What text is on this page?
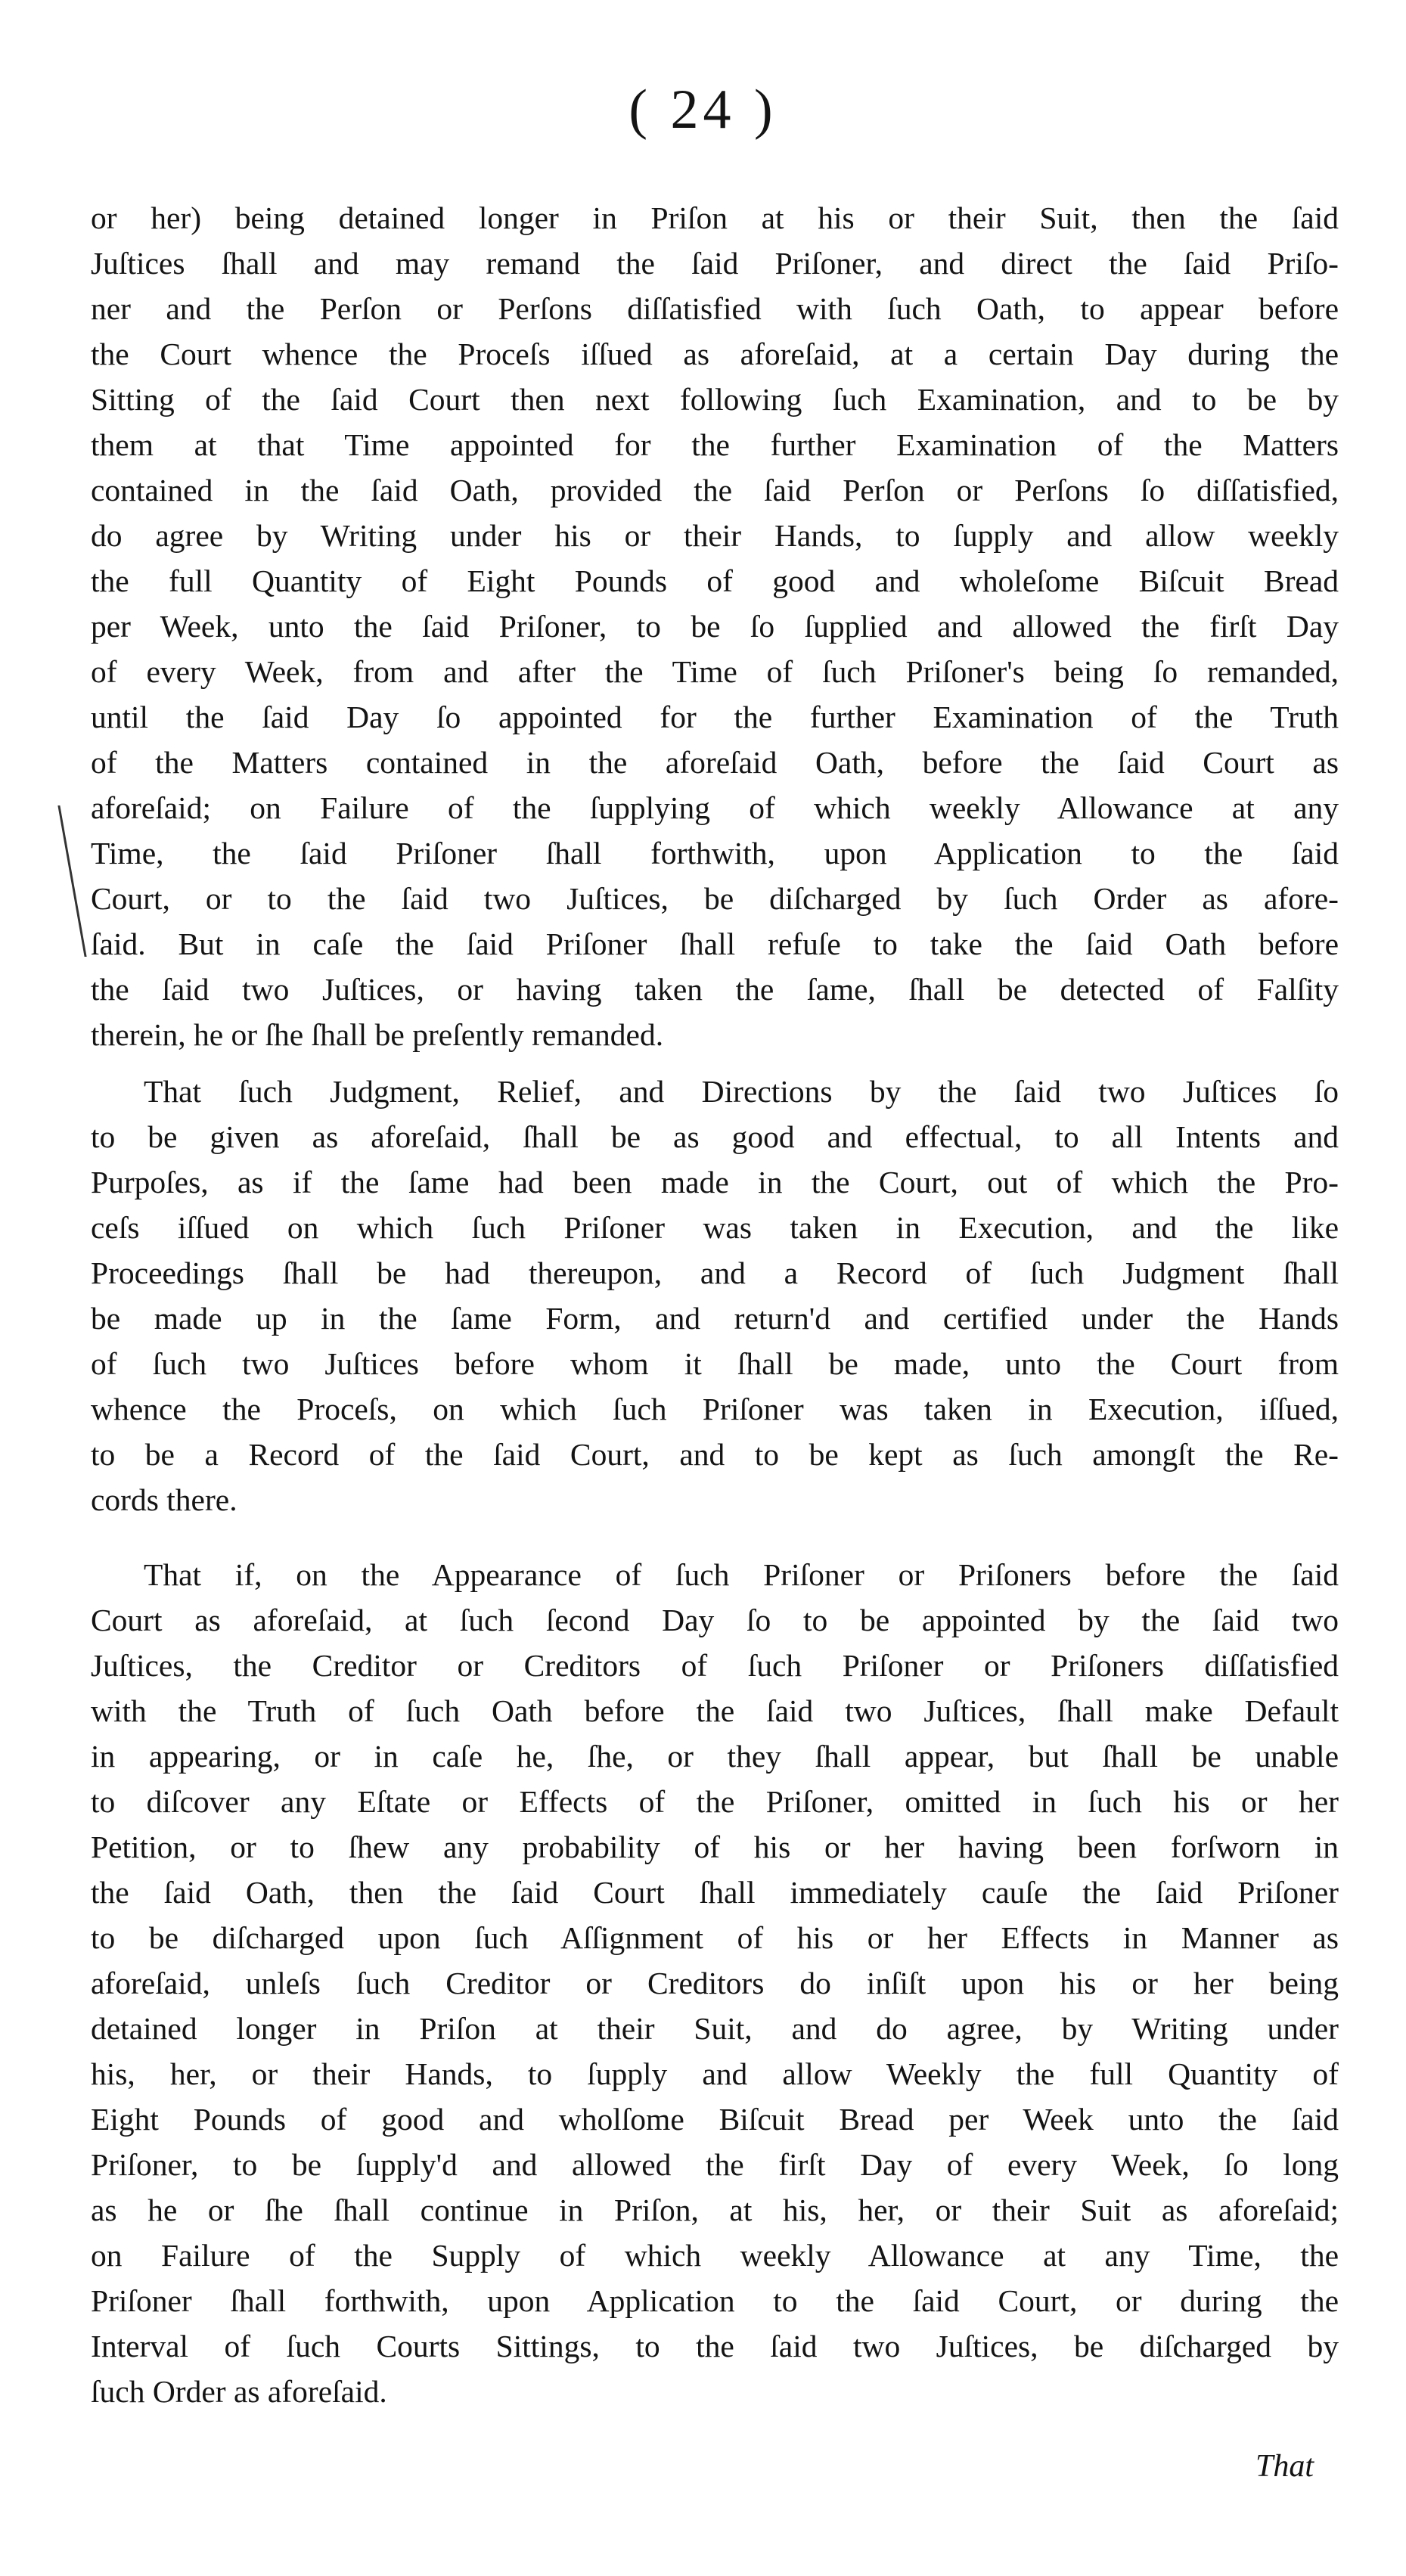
( 24 )
or her) being detained longer in Priſon at his or their Suit, then the ſaid
Juſtices ſhall and may remand the ſaid Priſoner, and direct the ſaid Priſo-
ner and the Perſon or Perſons diſſatisfied with ſuch Oath, to appear before
the Court whence the Proceſs iſſued as aforeſaid, at a certain Day during the
Sitting of the ſaid Court then next following ſuch Examination, and to be by
them at that Time appointed for the further Examination of the Matters
contained in the ſaid Oath, provided the ſaid Perſon or Perſons ſo diſſatisfied,
do agree by Writing under his or their Hands, to ſupply and allow weekly
the full Quantity of Eight Pounds of good and wholeſome Biſcuit Bread
per Week, unto the ſaid Priſoner, to be ſo ſupplied and allowed the firſt Day
of every Week, from and after the Time of ſuch Priſoner's being ſo remanded,
until the ſaid Day ſo appointed for the further Examination of the Truth
of the Matters contained in the aforeſaid Oath, before the ſaid Court as
aforeſaid; on Failure of the ſupplying of which weekly Allowance at any
Time, the ſaid Priſoner ſhall forthwith, upon Application to the ſaid
Court, or to the ſaid two Juſtices, be diſcharged by ſuch Order as afore-
ſaid. But in caſe the ſaid Priſoner ſhall refuſe to take the ſaid Oath before
the ſaid two Juſtices, or having taken the ſame, ſhall be detected of Falſity
therein, he or ſhe ſhall be preſently remanded.
That ſuch Judgment, Relief, and Directions by the ſaid two Juſtices ſo
to be given as aforeſaid, ſhall be as good and effectual, to all Intents and
Purpoſes, as if the ſame had been made in the Court, out of which the Pro-
ceſs iſſued on which ſuch Priſoner was taken in Execution, and the like
Proceedings ſhall be had thereupon, and a Record of ſuch Judgment ſhall
be made up in the ſame Form, and return'd and certified under the Hands
of ſuch two Juſtices before whom it ſhall be made, unto the Court from
whence the Proceſs, on which ſuch Priſoner was taken in Execution, iſſued,
to be a Record of the ſaid Court, and to be kept as ſuch amongſt the Re-
cords there.
That if, on the Appearance of ſuch Priſoner or Priſoners before the ſaid
Court as aforeſaid, at ſuch ſecond Day ſo to be appointed by the ſaid two
Juſtices, the Creditor or Creditors of ſuch Priſoner or Priſoners diſſatisfied
with the Truth of ſuch Oath before the ſaid two Juſtices, ſhall make Default
in appearing, or in caſe he, ſhe, or they ſhall appear, but ſhall be unable
to diſcover any Eſtate or Effects of the Priſoner, omitted in ſuch his or her
Petition, or to ſhew any probability of his or her having been forſworn in
the ſaid Oath, then the ſaid Court ſhall immediately cauſe the ſaid Priſoner
to be diſcharged upon ſuch Aſſignment of his or her Effects in Manner as
aforeſaid, unleſs ſuch Creditor or Creditors do inſiſt upon his or her being
detained longer in Priſon at their Suit, and do agree, by Writing under
his, her, or their Hands, to ſupply and allow Weekly the full Quantity of
Eight Pounds of good and wholſome Biſcuit Bread per Week unto the ſaid
Priſoner, to be ſupply'd and allowed the firſt Day of every Week, ſo long
as he or ſhe ſhall continue in Priſon, at his, her, or their Suit as aforeſaid;
on Failure of the Supply of which weekly Allowance at any Time, the
Priſoner ſhall forthwith, upon Application to the ſaid Court, or during the
Interval of ſuch Courts Sittings, to the ſaid two Juſtices, be diſcharged by
ſuch Order as aforeſaid.
That
